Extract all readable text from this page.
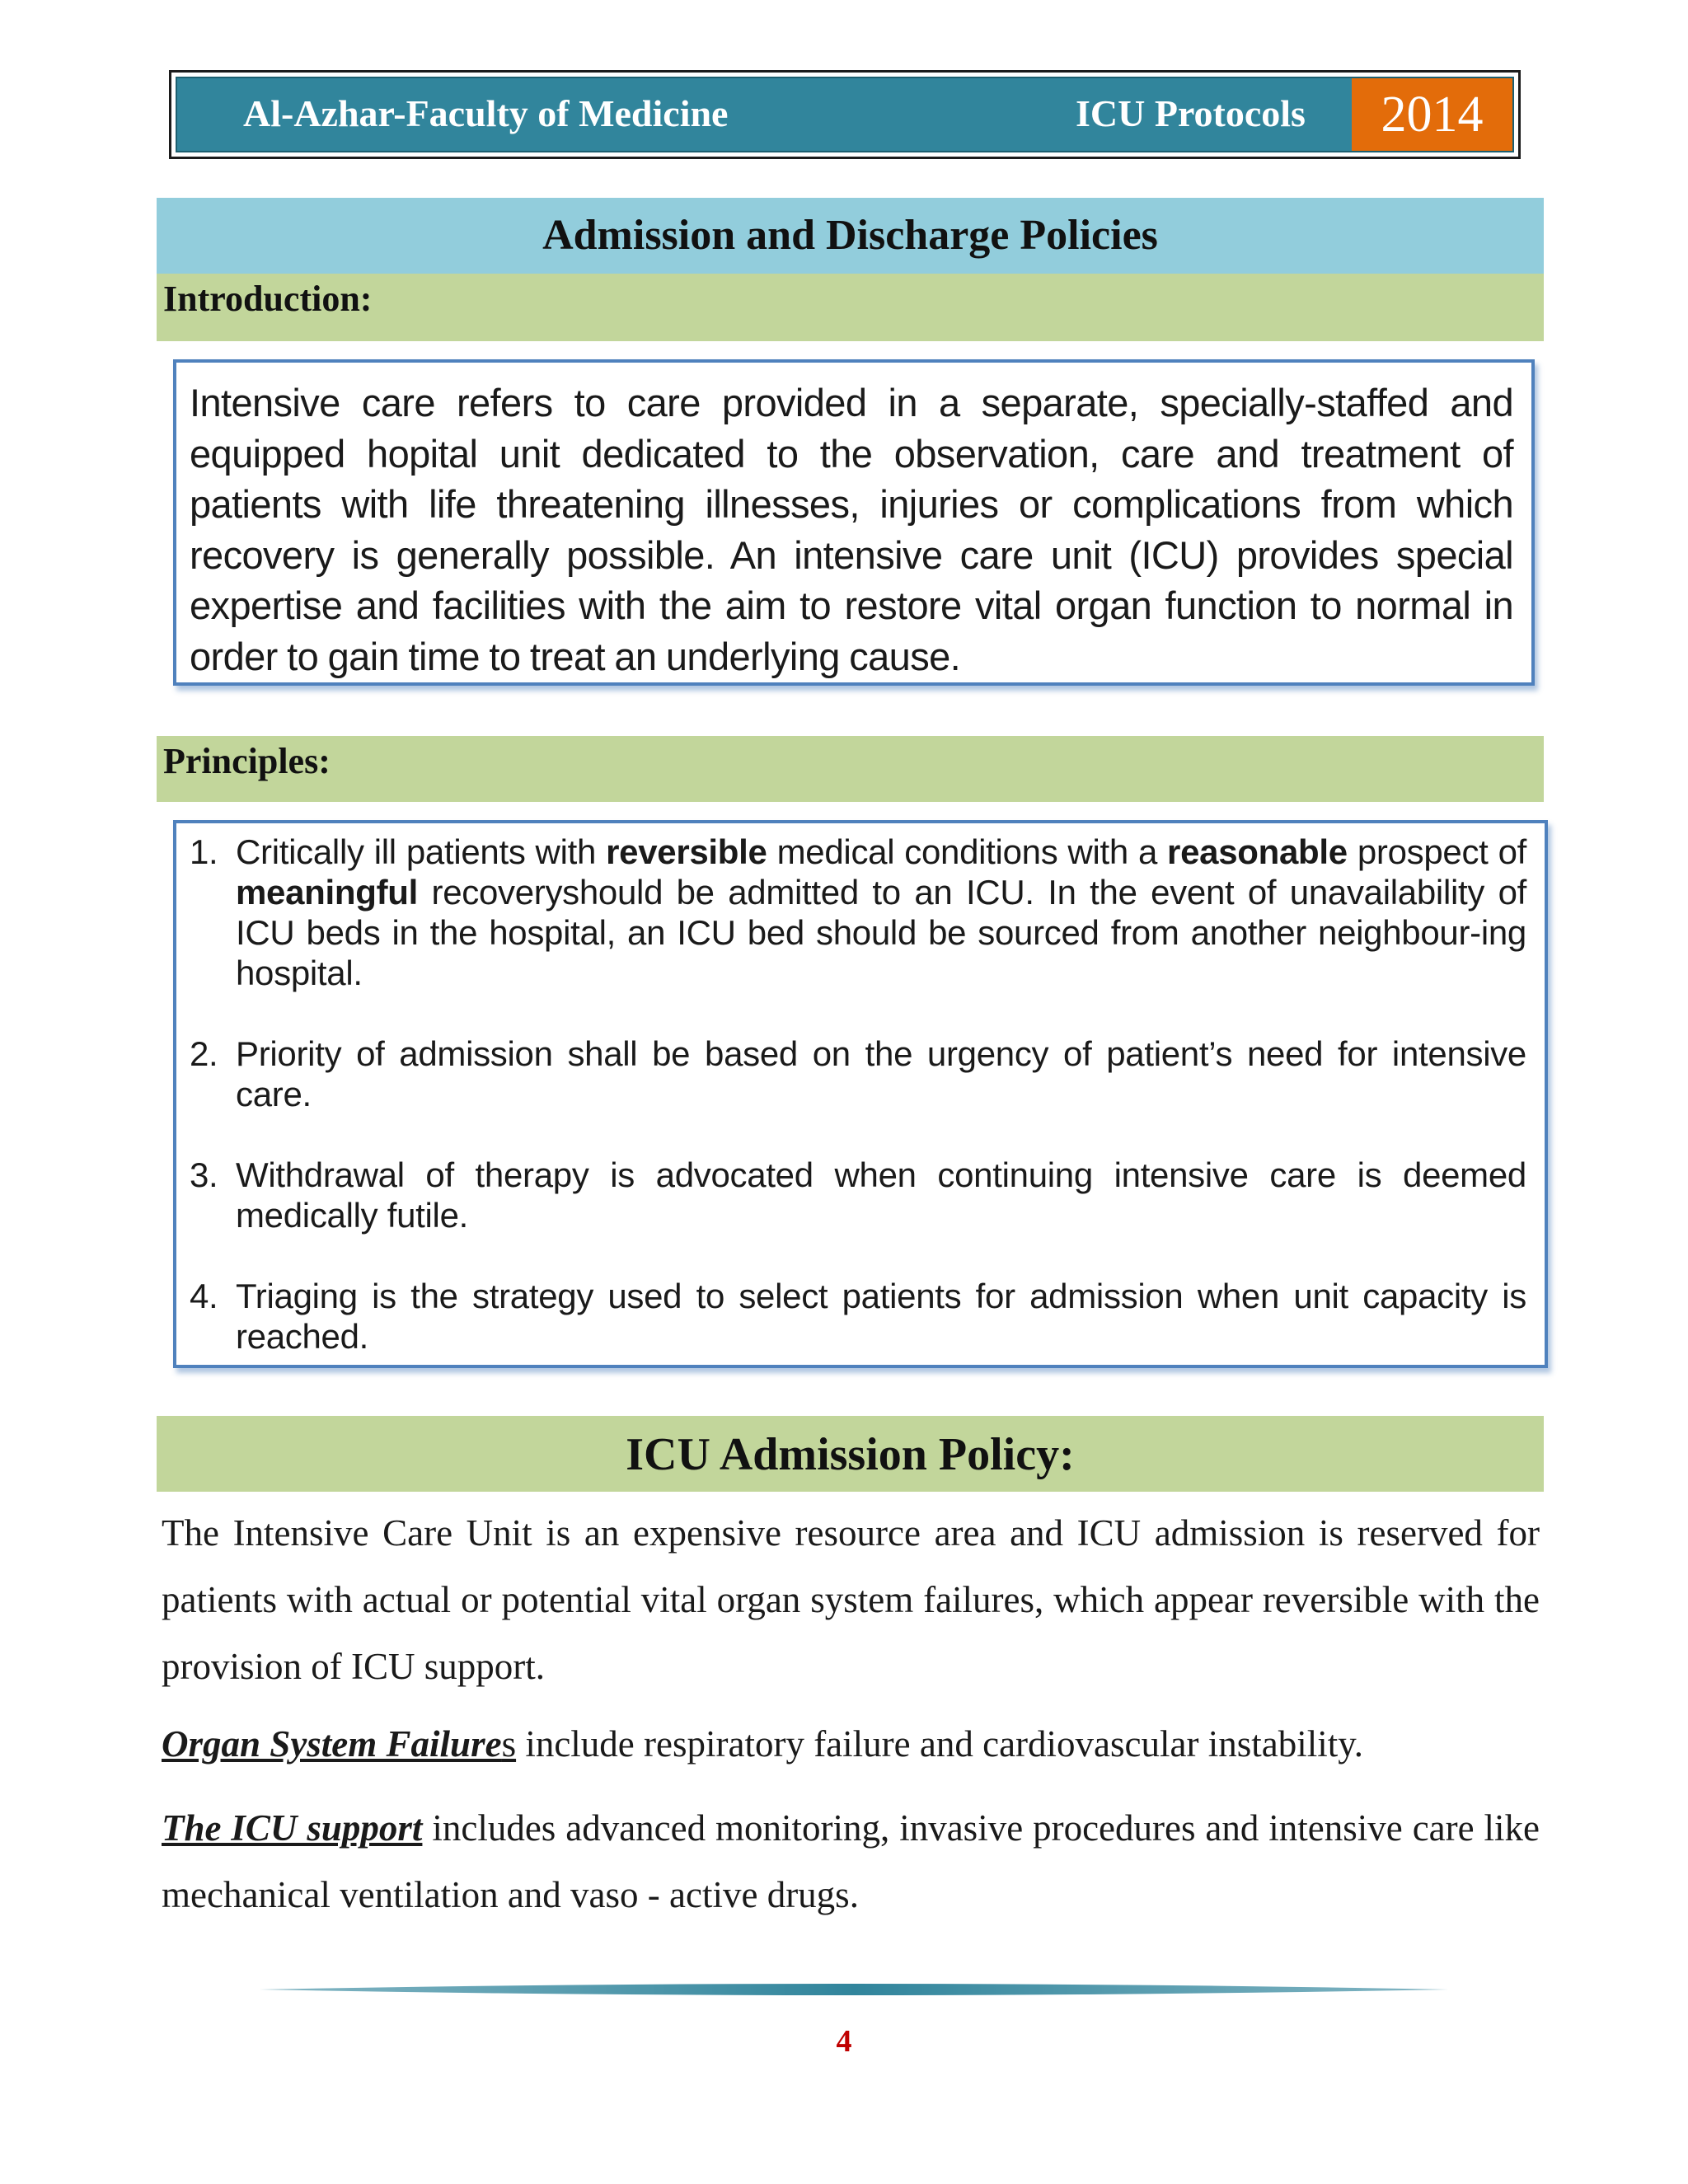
Al-Azhar-Faculty of Medicine	ICU Protocols	2014
Admission and Discharge Policies
Introduction:
Intensive care refers to care provided in a separate, specially-staffed and equipped hopital unit dedicated to the observation, care and treatment of patients with life threatening illnesses, injuries or complications from which recovery is generally possible. An intensive care unit (ICU) provides special expertise and facilities with the aim to restore vital organ function to normal in order to gain time to treat an underlying cause.
Principles:
1. Critically ill patients with reversible medical conditions with a reasonable prospect of meaningful recoveryshould be admitted to an ICU. In the event of unavailability of ICU beds in the hospital, an ICU bed should be sourced from another neighbour-ing hospital.
2. Priority of admission shall be based on the urgency of patient’s need for intensive care.
3. Withdrawal of therapy is advocated when continuing intensive care is deemed medically futile.
4. Triaging is the strategy used to select patients for admission when unit capacity is reached.
ICU Admission Policy:
The Intensive Care Unit is an expensive resource area and ICU admission is reserved for patients with actual or potential vital organ system failures, which appear reversible with the provision of ICU support.
Organ System Failures include respiratory failure and cardiovascular instability.
The ICU support includes advanced monitoring, invasive procedures and intensive care like mechanical ventilation and vaso - active drugs.
4
